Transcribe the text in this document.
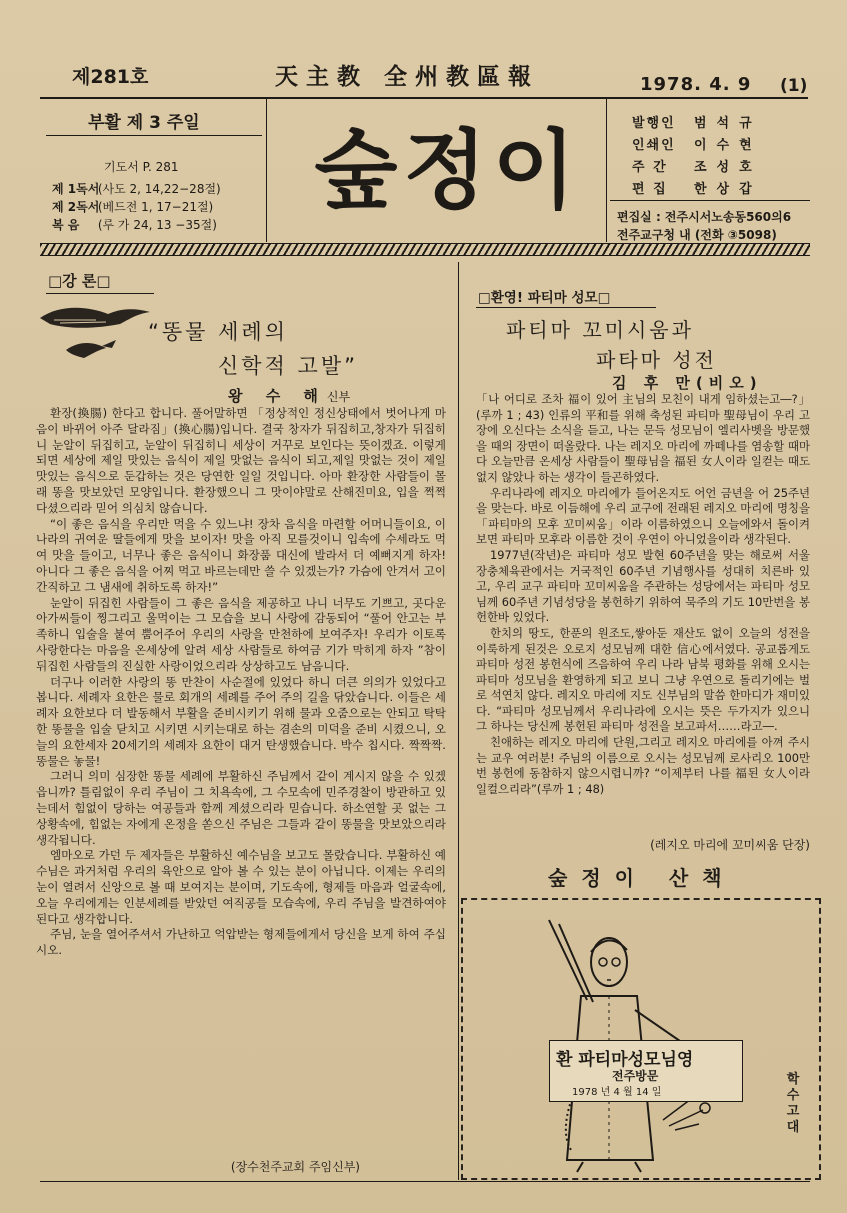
제281호	天主教 全州教區報	1978. 4. 9 (1)
부활 제 3 주일
기도서 P. 281
제 1독서 (사도 2, 14,22−28절)
제 2독서 (베드전 1, 17−21절)
복 음 (루 가 24, 13 −35절)
숲정이	발행인 범석규
인쇄인 이수현
주 간 조성호
편 집 한상갑
편집실 : 전주시서노송동560의6
전주교구청 내 (전화 ③5098)
□강 론□
“똥물 세례의
신학적 고발”
왕 수 해신부

환장(換腸) 한다고 합니다. 풀어말하면 「정상적인 정신상태에서 벗어나게 마음이 바뀌어 아주 달라짐」(換心腸)입니다. 결국 창자가 뒤집히고,창자가 뒤집히니 눈알이 뒤집히고, 눈알이 뒤집히니 세상이 거꾸로 보인다는 뜻이겠죠. 이렇게 되면 세상에 제일 맛있는 음식이 제일 맛없는 음식이 되고,제일 맛없는 것이 제일 맛있는 음식으로 둔갑하는 것은 당연한 일일 것입니다. 아마 환장한 사람들이 몰래 똥을 맛보았던 모양입니다. 환장했으니 그 맛이야말로 산해진미요, 입을 쩍쩍 다셨으리라 믿어 의심치 않습니다.

“이 좋은 음식을 우리만 먹을 수 있느냐! 장차 음식을 마련할 어머니들이요, 이 나라의 귀여운 딸들에게 맛을 보이자! 맛을 아직 모를것이니 입속에 수세라도 먹여 맛을 들이고, 너무나 좋은 음식이니 화장품 대신에 발라서 더 예뻐지게 하자! 아니다 그 좋은 음식을 어찌 먹고 바르는데만 쓸 수 있겠는가? 가슴에 안겨서 고이 간직하고 그 냄새에 취하도록 하자!”

눈알이 뒤집힌 사람들이 그 좋은 음식을 제공하고 나니 너무도 기쁘고, 곳다운 아가씨들이 찡그리고 울먹이는 그 모습을 보니 사랑에 감동되어 “풀어 안고는 부족하니 입술을 붙여 뿜어주어 우리의 사랑을 만천하에 보여주자! 우리가 이토록 사랑한다는 마음을 온세상에 알려 세상 사람들로 하여금 기가 막히게 하자 ”참이 뒤집힌 사람들의 진실한 사랑이었으리라 상상하고도 남음니다.

더구나 이러한 사랑의 똥 만찬이 사순절에 있었다 하니 더큰 의의가 있었다고 봅니다. 세례자 요한은 물로 회개의 세례를 주어 주의 길을 닦았습니다. 이들은 세례자 요한보다 더 발동해서 부활을 준비시키기 위해 물과 오줌으로는 안되고 탁탁한 똥물을 입술 닫치고 시키면 시키는대로 하는 겸손의 미덕을 준비 시켰으니, 오늘의 요한세자 20세기의 세례자 요한이 대거 탄생했습니다. 박수 칩시다. 짝짝짝. 똥물은 놓물!

그러니 의미 심장한 똥물 세례에 부활하신 주님께서 같이 계시지 않을 수 있겠읍니까? 틀림없이 우리 주님이 그 치욕속에, 그 수모속에 민주경찰이 방관하고 있는데서 힘없이 당하는 여공들과 함께 계셨으리라 믿습니다. 하소연할 곳 없는 그 상황속에, 힘없는 자에게 온정을 쏟으신 주님은 그들과 같이 똥물을 맛보았으리라 생각됩니다.

엠마오로 가던 두 제자들은 부활하신 예수님을 보고도 몰랐습니다. 부활하신 예수님은 과거처럼 우리의 육안으로 알아 볼 수 있는 분이 아닙니다. 이제는 우리의 눈이 열려서 신앙으로 볼 때 보여지는 분이며, 기도속에, 형제들 마음과 얼굴속에, 오늘 우리에게는 인분세례를 받았던 여직공들 모습속에, 우리 주님을 발견하여야 된다고 생각합니다.

주님, 눈을 열어주셔서 가난하고 억압받는 형제들에게서 당신을 보게 하여 주십시오.

(장수천주교회 주임신부)
□환영! 파티마 성모□
파티마 꼬미시움과
파타마 성전
김 후 만(비오)

「나 어디로 조차 福이 있어 主님의 모친이 내게 임하셨는고―?」(루까 1 ; 43) 인류의 平和를 위해 축성된 파티마 聖母님이 우리 고장에 오신다는 소식을 듣고, 나는 문득 성모님이 엘리사벳을 방문했을 때의 장면이 떠올랐다. 나는 레지오 마리에 까떼나를 염송할 때마다 오늘만큼 온세상 사람들이 聖母님을 福된 女人이라 일컫는 때도 없지 않았나 하는 생각이 들곤하였다.

우리나라에 레지오 마리에가 들어온지도 어언 금년을 어 25주년을 맞는다. 바로 이듬해에 우리 교구에 전래된 레지오 마리에 명칭을 「파티마의 모후 꼬미씨움」이라 이름하였으니 오늘에와서 돌이켜 보면 파티마 모후라 이름한 것이 우연이 아니었을이라 생각된다.

1977년(작년)은 파티마 성모 발현 60주년을 맞는 해로써 서울 장충체육관에서는 거국적인 60주년 기념행사를 성대히 치른바 있고, 우리 교구 파티마 꼬미씨움을 주관하는 성당에서는 파티마 성모님께 60주년 기념성당을 봉헌하기 위하여 묵주의 기도 10만번을 봉헌한바 있었다.

한치의 땅도, 한푼의 원조도,쌓아둔 재산도 없이 오늘의 성전을 이룩하게 된것은 오로지 성모님께 대한 信心에서였다. 공교롭게도 파티마 성전 봉헌식에 즈음하여 우리 나라 남북 평화를 위해 오시는 파티마 성모님을 환영하게 되고 보니 그냥 우연으로 돌리기에는 벌로 석연치 않다. 레지오 마리에 지도 신부님의 말씀 한마디가 재미있다. “파티마 성모님께서 우리나라에 오시는 뜻은 두가지가 있으니 그 하나는 당신께 봉헌된 파티마 성전을 보고파서……라고―.

친애하는 레지오 마리에 단원,그리고 레지오 마리에를 아껴 주시는 교우 여러분! 주님의 이름으로 오시는 성모님께 로사리오 100만번 봉헌에 동참하지 않으시렵니까? “이제부터 나를 福된 女人이라 일컬으리라”(루까 1 ; 48)

(레지오 마리에 꼬미씨움 단장)
숲정이 산책
환 파티마성모님영
전주방문
1978 년 4 월 14 일
학
수
고
대
